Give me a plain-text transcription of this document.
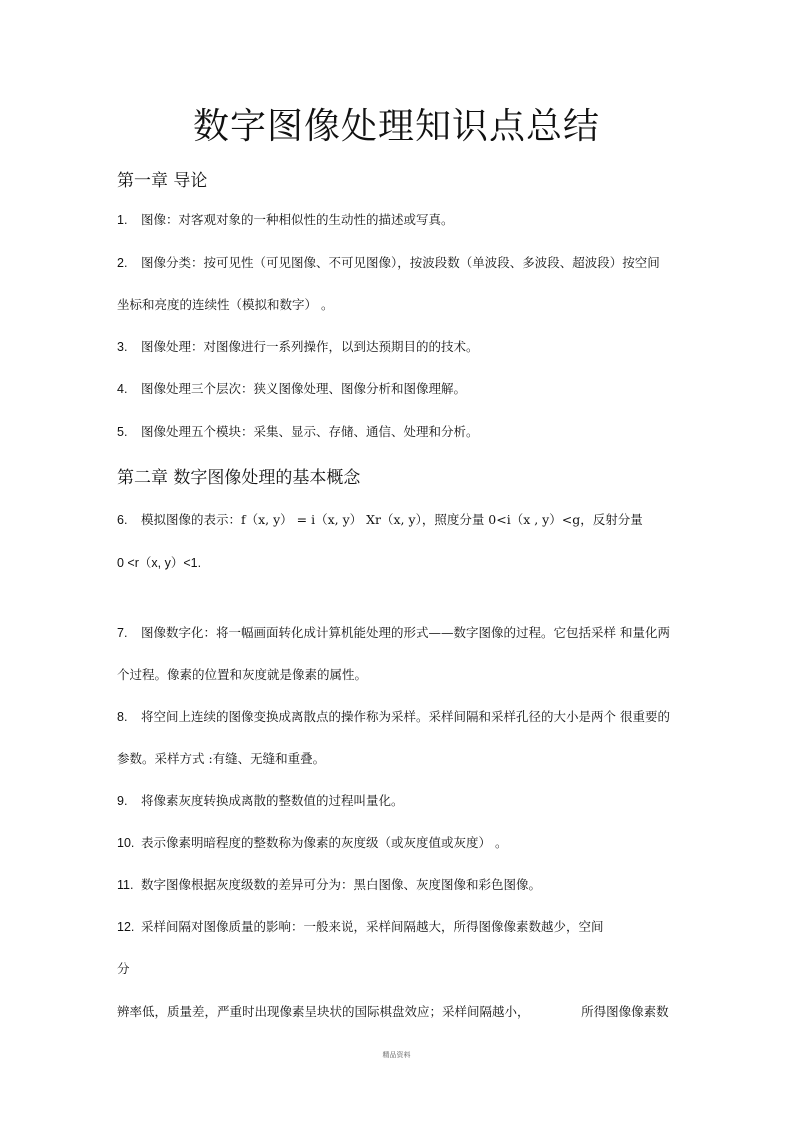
数字图像处理知识点总结
第一章 导论
1. 图像：对客观对象的一种相似性的生动性的描述或写真。
2. 图像分类：按可见性（可见图像、不可见图像），按波段数（单波段、多波段、超波段）按空间
坐标和亮度的连续性（模拟和数字） 。
3. 图像处理：对图像进行一系列操作，以到达预期目的的技术。
4. 图像处理三个层次：狭义图像处理、图像分析和图像理解。
5. 图像处理五个模块：采集、显示、存储、通信、处理和分析。
第二章 数字图像处理的基本概念
6. 模拟图像的表示：f（x, y） = i（x, y） Xr（x, y），照度分量 0<i（x , y）<g，反射分量
0 <r（x, y）<1.
7. 图像数字化：将一幅画面转化成计算机能处理的形式——数字图像的过程。它包括采样 和量化两
个过程。像素的位置和灰度就是像素的属性。
8. 将空间上连续的图像变换成离散点的操作称为采样。采样间隔和采样孔径的大小是两个 很重要的
参数。采样方式 :有缝、无缝和重叠。
9. 将像素灰度转换成离散的整数值的过程叫量化。
10. 表示像素明暗程度的整数称为像素的灰度级（或灰度值或灰度） 。
11. 数字图像根据灰度级数的差异可分为：黑白图像、灰度图像和彩色图像。
12. 采样间隔对图像质量的影响：一般来说，采样间隔越大，所得图像像素数越少，空间
分
辨率低，质量差，严重时出现像素呈块状的国际棋盘效应；采样间隔越小，             所得图像像素数
精品资料
